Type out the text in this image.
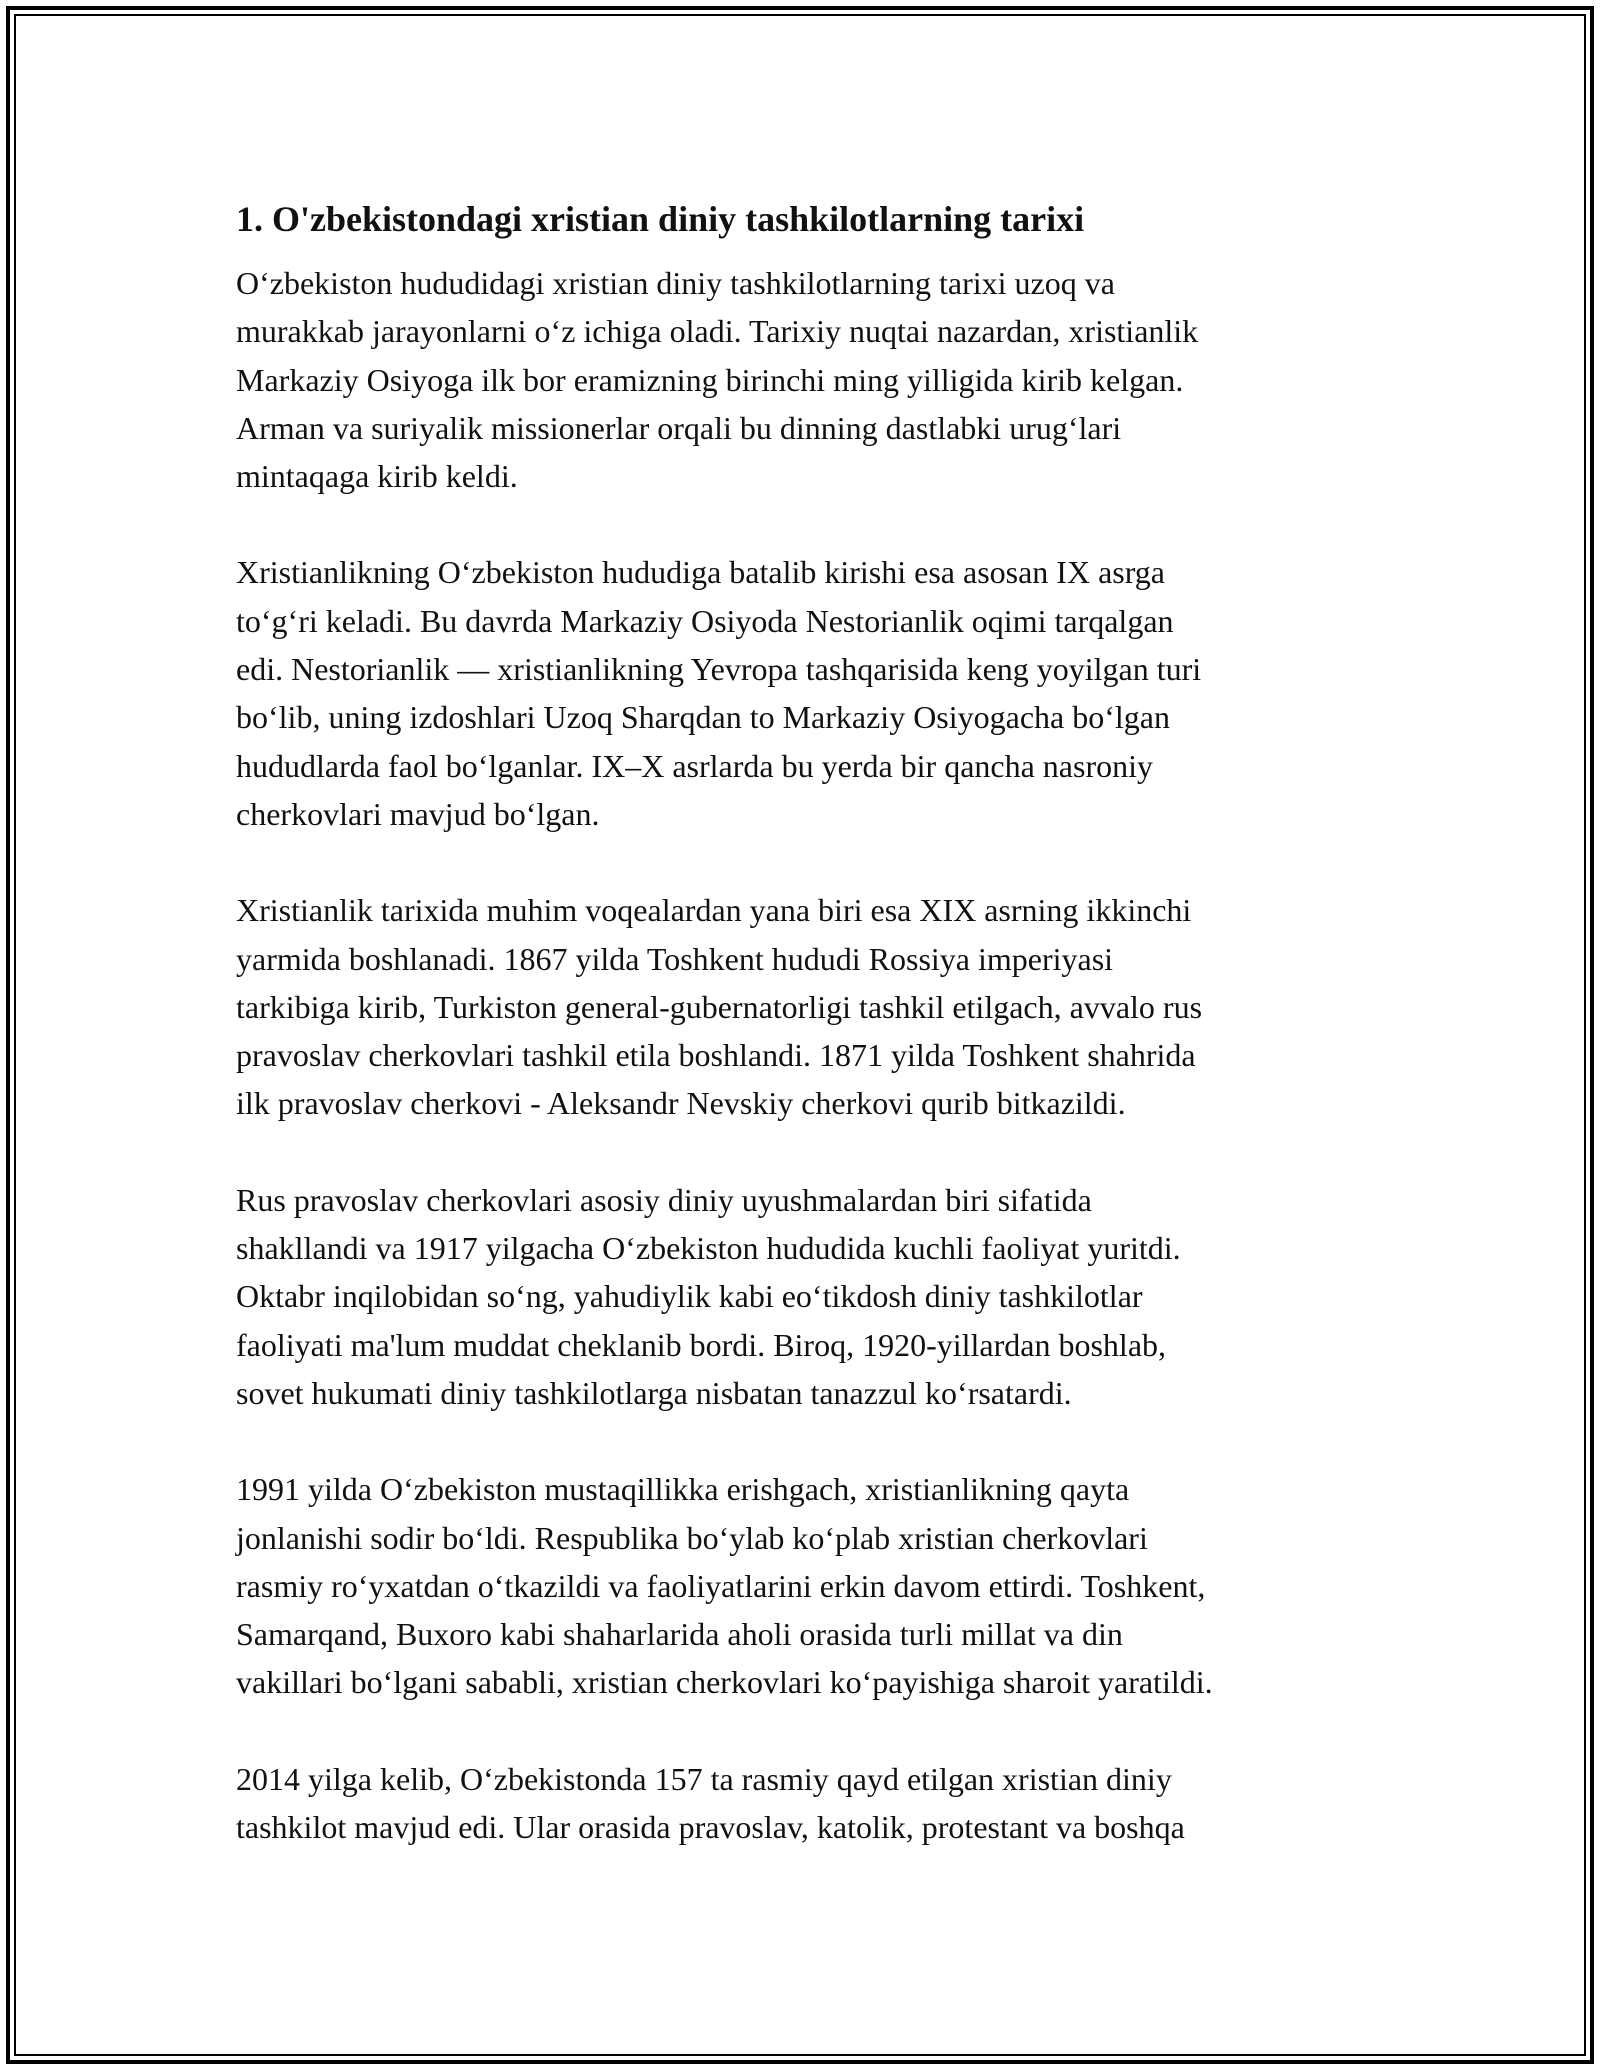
1. O'zbekistondagi xristian diniy tashkilotlarning tarixi

O‘zbekiston hududidagi xristian diniy tashkilotlarning tarixi uzoq va
murakkab jarayonlarni o‘z ichiga oladi. Tarixiy nuqtai nazardan, xristianlik
Markaziy Osiyoga ilk bor eramizning birinchi ming yilligida kirib kelgan.
Arman va suriyalik missionerlar orqali bu dinning dastlabki urug‘lari
mintaqaga kirib keldi.

Xristianlikning O‘zbekiston hududiga batalib kirishi esa asosan IX asrga
to‘g‘ri keladi. Bu davrda Markaziy Osiyoda Nestorianlik oqimi tarqalgan
edi. Nestorianlik — xristianlikning Yevropa tashqarisida keng yoyilgan turi
bo‘lib, uning izdoshlari Uzoq Sharqdan to Markaziy Osiyogacha bo‘lgan
hududlarda faol bo‘lganlar. IX–X asrlarda bu yerda bir qancha nasroniy
cherkovlari mavjud bo‘lgan.

Xristianlik tarixida muhim voqealardan yana biri esa XIX asrning ikkinchi
yarmida boshlanadi. 1867 yilda Toshkent hududi Rossiya imperiyasi
tarkibiga kirib, Turkiston general-gubernatorligi tashkil etilgach, avvalo rus
pravoslav cherkovlari tashkil etila boshlandi. 1871 yilda Toshkent shahrida
ilk pravoslav cherkovi - Aleksandr Nevskiy cherkovi qurib bitkazildi.

Rus pravoslav cherkovlari asosiy diniy uyushmalardan biri sifatida
shakllandi va 1917 yilgacha O‘zbekiston hududida kuchli faoliyat yuritdi.
Oktabr inqilobidan so‘ng, yahudiylik kabi eo‘tikdosh diniy tashkilotlar
faoliyati ma'lum muddat cheklanib bordi. Biroq, 1920-yillardan boshlab,
sovet hukumati diniy tashkilotlarga nisbatan tanazzul ko‘rsatardi.

1991 yilda O‘zbekiston mustaqillikka erishgach, xristianlikning qayta
jonlanishi sodir bo‘ldi. Respublika bo‘ylab ko‘plab xristian cherkovlari
rasmiy ro‘yxatdan o‘tkazildi va faoliyatlarini erkin davom ettirdi. Toshkent,
Samarqand, Buxoro kabi shaharlarida aholi orasida turli millat va din
vakillari bo‘lgani sababli, xristian cherkovlari ko‘payishiga sharoit yaratildi.

2014 yilga kelib, O‘zbekistonda 157 ta rasmiy qayd etilgan xristian diniy
tashkilot mavjud edi. Ular orasida pravoslav, katolik, protestant va boshqa
